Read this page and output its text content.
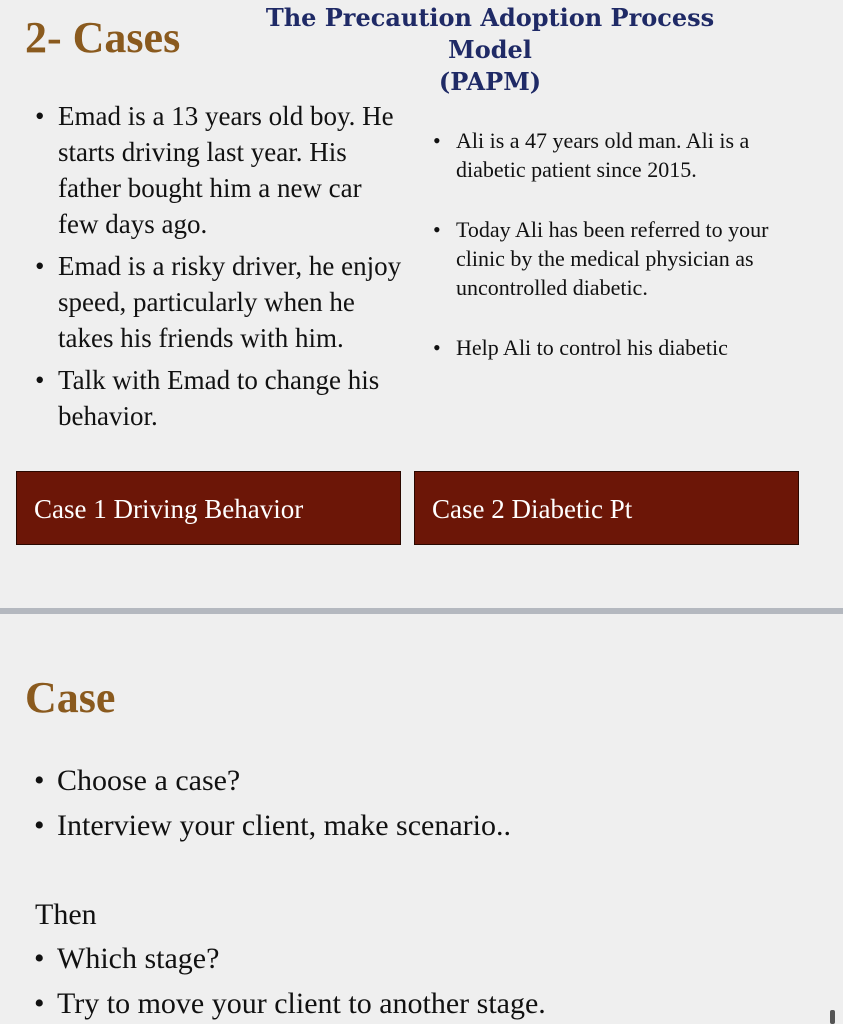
2- Cases	The Precaution Adoption Process
Model
(PAPM)
• Emad is a 13 years old boy. He starts driving last year. His father bought him a new car few days ago.
• Emad is a risky driver, he enjoy speed, particularly when he takes his friends with him.
• Talk with Emad to change his behavior.
• Ali is a 47 years old man. Ali is a diabetic patient since 2015.
• Today Ali has been referred to your clinic by the medical physician as uncontrolled diabetic.
• Help Ali to control his diabetic
Case 1 Driving Behavior	Case 2 Diabetic Pt
Case
• Choose a case?
• Interview your client, make scenario..
Then
• Which stage?
• Try to move your client to another stage.
